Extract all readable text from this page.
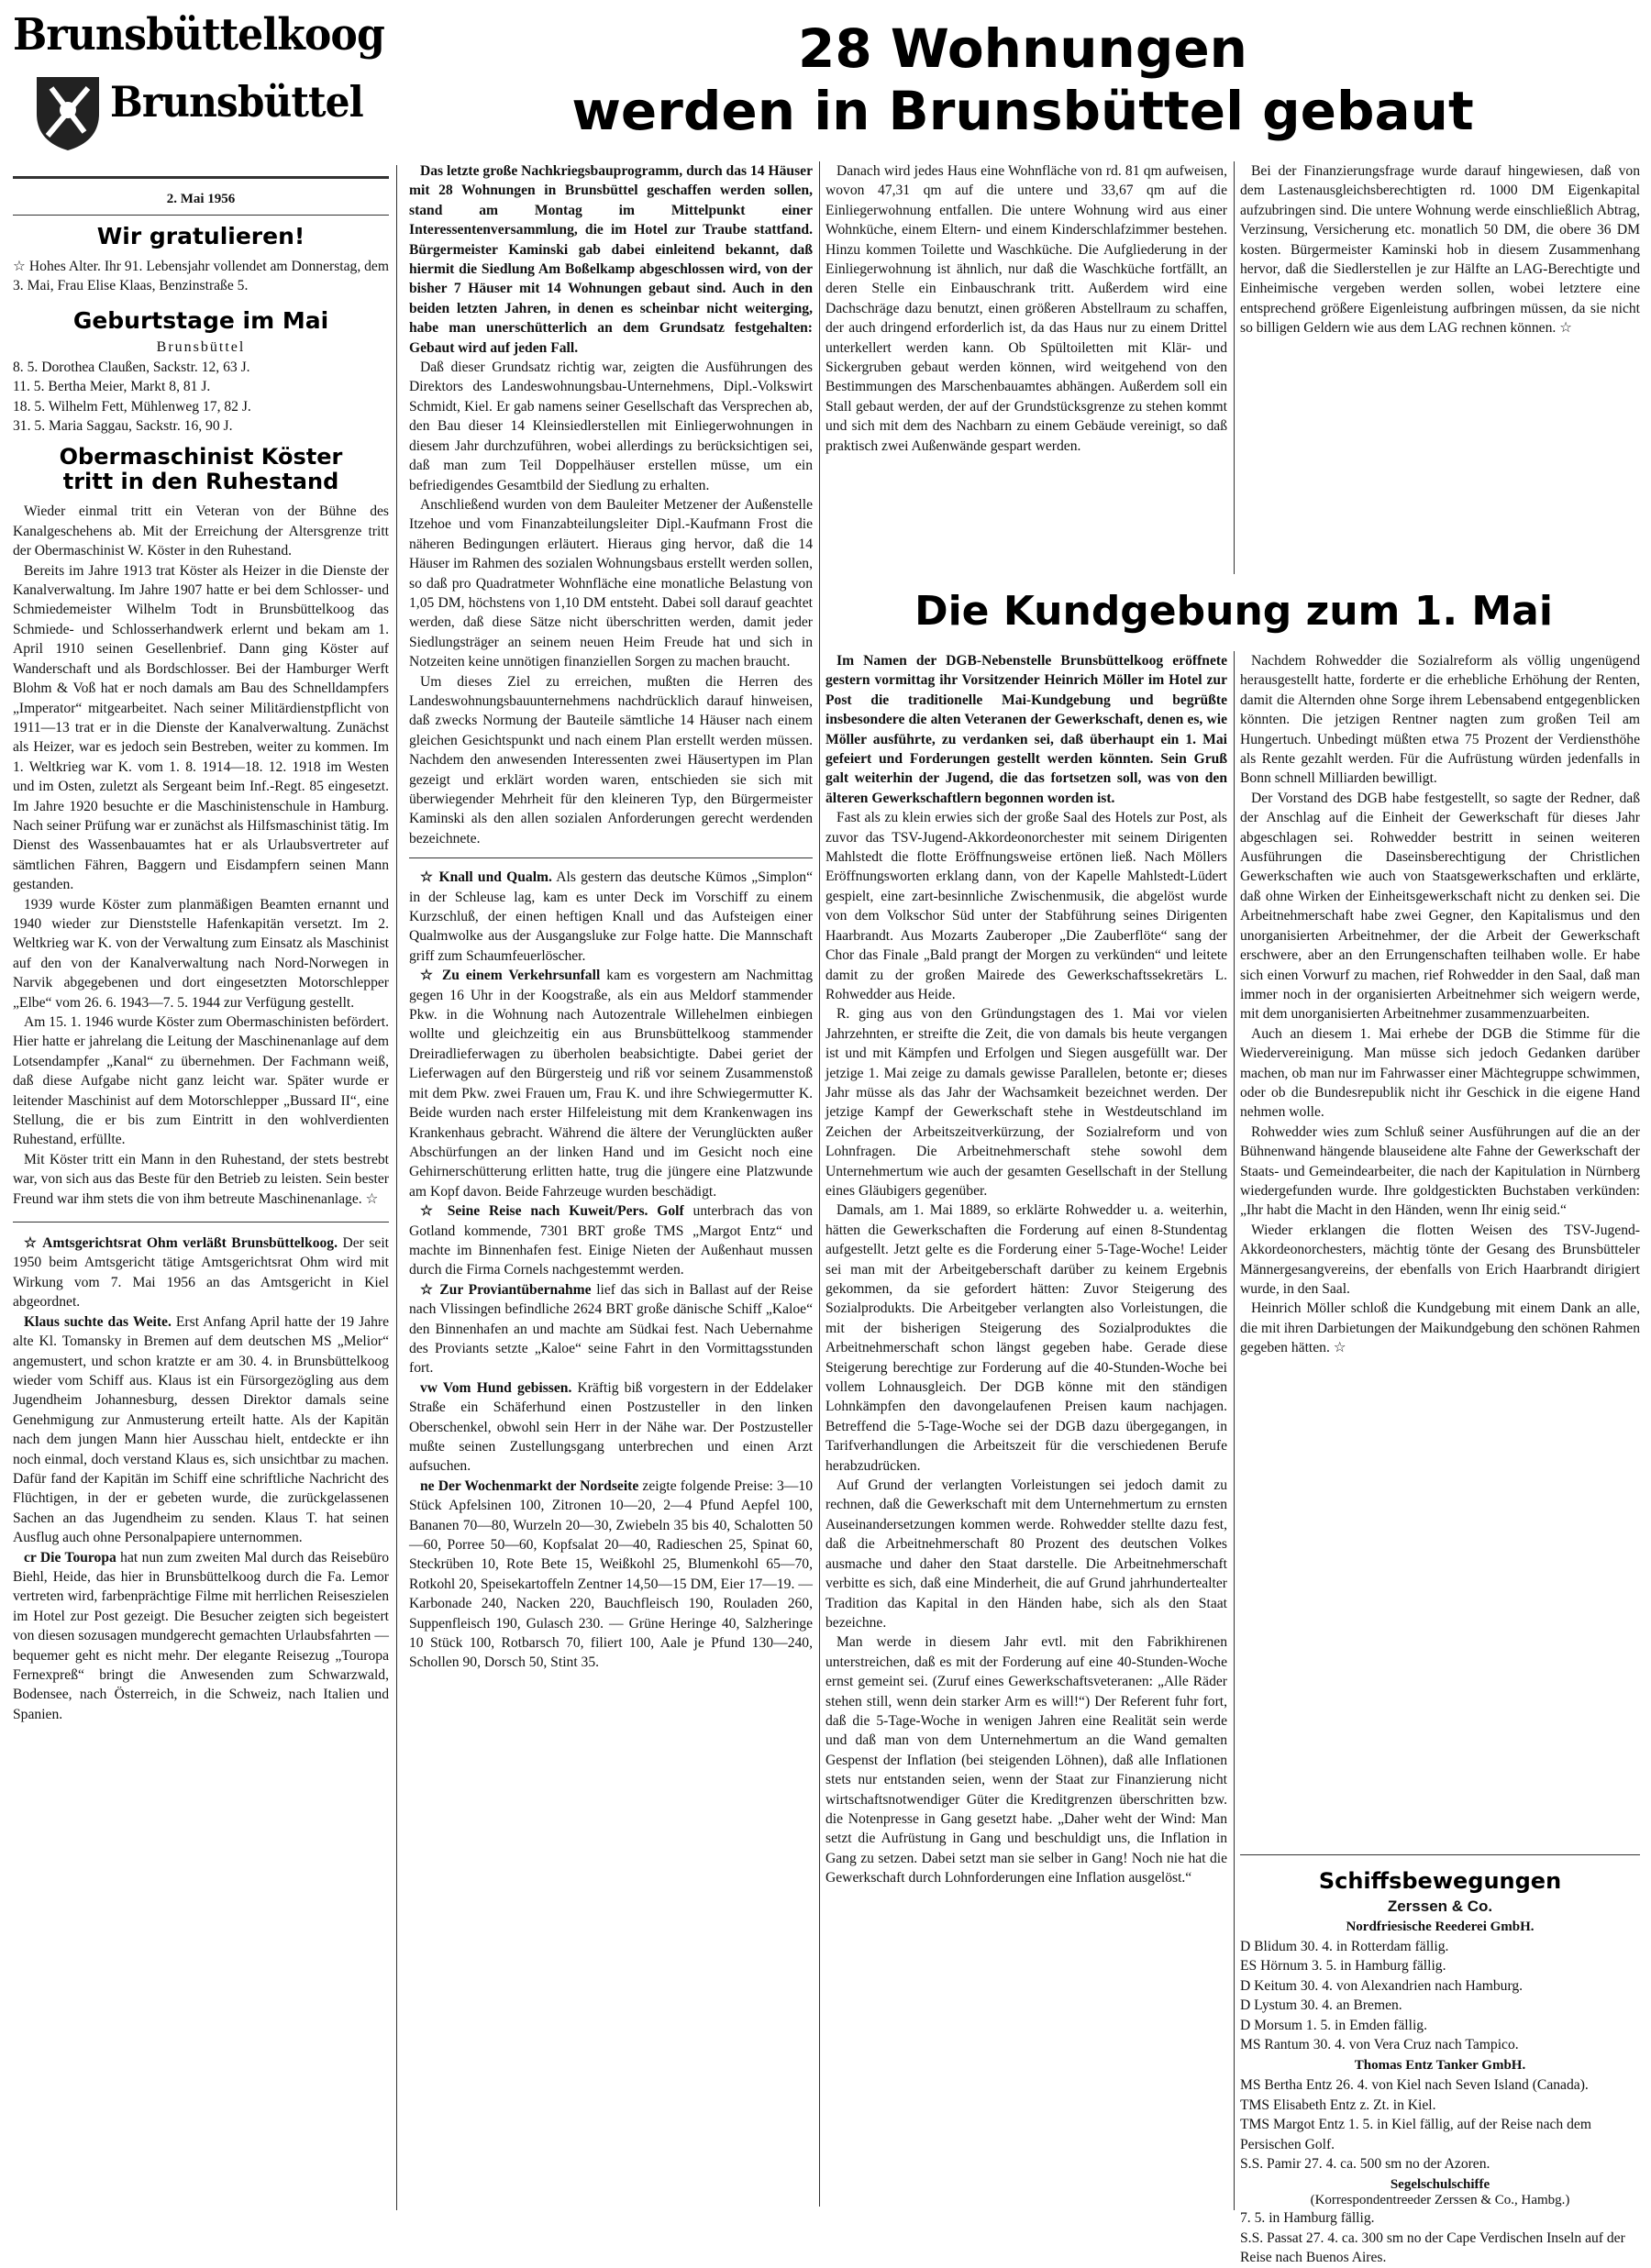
Brunsbüttelkoog
Brunsbüttel
2. Mai 1956
Wir gratulieren!
☆ Hohes Alter. Ihr 91. Lebensjahr vollendet am Donnerstag, dem 3. Mai, Frau Elise Klaas, Benzinstraße 5.
Geburtstage im Mai
Brunsbüttel
8. 5. Dorothea Claußen, Sackstr. 12, 63 J.
11. 5. Bertha Meier, Markt 8, 81 J.
18. 5. Wilhelm Fett, Mühlenweg 17, 82 J.
31. 5. Maria Saggau, Sackstr. 16, 90 J.
Obermaschinist Köster
tritt in den Ruhestand

Wieder einmal tritt ein Veteran von der Bühne des Kanalgeschehens ab. Mit der Erreichung der Altersgrenze tritt der Obermaschinist W. Köster in den Ruhestand.

Bereits im Jahre 1913 trat Köster als Heizer in die Dienste der Kanalverwaltung. Im Jahre 1907 hatte er bei dem Schlosser- und Schmiedemeister Wilhelm Todt in Brunsbüttelkoog das Schmiede- und Schlosserhandwerk erlernt und bekam am 1. April 1910 seinen Gesellenbrief. Dann ging Köster auf Wanderschaft und als Bordschlosser. Bei der Hamburger Werft Blohm & Voß hat er noch damals am Bau des Schnelldampfers „Imperator“ mitgearbeitet. Nach seiner Militärdienstpflicht von 1911—13 trat er in die Dienste der Kanalverwaltung. Zunächst als Heizer, war es jedoch sein Bestreben, weiter zu kommen. Im 1. Weltkrieg war K. vom 1. 8. 1914—18. 12. 1918 im Westen und im Osten, zuletzt als Sergeant beim Inf.-Regt. 85 eingesetzt. Im Jahre 1920 besuchte er die Maschinistenschule in Hamburg. Nach seiner Prüfung war er zunächst als Hilfsmaschinist tätig. Im Dienst des Wassenbauamtes hat er als Urlaubsvertreter auf sämtlichen Fähren, Baggern und Eisdampfern seinen Mann gestanden.

1939 wurde Köster zum planmäßigen Beamten ernannt und 1940 wieder zur Dienststelle Hafenkapitän versetzt. Im 2. Weltkrieg war K. von der Verwaltung zum Einsatz als Maschinist auf den von der Kanalverwaltung nach Nord-Norwegen in Narvik abgegebenen und dort eingesetzten Motorschlepper „Elbe“ vom 26. 6. 1943—7. 5. 1944 zur Verfügung gestellt.

Am 15. 1. 1946 wurde Köster zum Obermaschinisten befördert. Hier hatte er jahrelang die Leitung der Maschinenanlage auf dem Lotsendampfer „Kanal“ zu übernehmen. Der Fachmann weiß, daß diese Aufgabe nicht ganz leicht war. Später wurde er leitender Maschinist auf dem Motorschlepper „Bussard II“, eine Stellung, die er bis zum Eintritt in den wohlverdienten Ruhestand, erfüllte.

Mit Köster tritt ein Mann in den Ruhestand, der stets bestrebt war, von sich aus das Beste für den Betrieb zu leisten. Sein bester Freund war ihm stets die von ihm betreute Maschinenanlage. ☆

☆ Amtsgerichtsrat Ohm verläßt Brunsbüttelkoog. Der seit 1950 beim Amtsgericht tätige Amtsgerichtsrat Ohm wird mit Wirkung vom 7. Mai 1956 an das Amtsgericht in Kiel abgeordnet.

Klaus suchte das Weite. Erst Anfang April hatte der 19 Jahre alte Kl. Tomansky in Bremen auf dem deutschen MS „Melior“ angemustert, und schon kratzte er am 30. 4. in Brunsbüttelkoog wieder vom Schiff aus. Klaus ist ein Fürsorgezögling aus dem Jugendheim Johannesburg, dessen Direktor damals seine Genehmigung zur Anmusterung erteilt hatte. Als der Kapitän nach dem jungen Mann hier Ausschau hielt, entdeckte er ihn noch einmal, doch verstand Klaus es, sich unsichtbar zu machen. Dafür fand der Kapitän im Schiff eine schriftliche Nachricht des Flüchtigen, in der er gebeten wurde, die zurückgelassenen Sachen an das Jugendheim zu senden. Klaus T. hat seinen Ausflug auch ohne Personalpapiere unternommen.

cr Die Touropa hat nun zum zweiten Mal durch das Reisebüro Biehl, Heide, das hier in Brunsbüttelkoog durch die Fa. Lemor vertreten wird, farbenprächtige Filme mit herrlichen Reiseszielen im Hotel zur Post gezeigt. Die Besucher zeigten sich begeistert von diesen sozusagen mundgerecht gemachten Urlaubsfahrten — bequemer geht es nicht mehr. Der elegante Reisezug „Touropa Fernexpreß“ bringt die Anwesenden zum Schwarzwald, Bodensee, nach Österreich, in die Schweiz, nach Italien und Spanien.

28 Wohnungen
werden in Brunsbüttel gebaut

Das letzte große Nachkriegsbauprogramm, durch das 14 Häuser mit 28 Wohnungen in Brunsbüttel geschaffen werden sollen, stand am Montag im Mittelpunkt einer Interessentenversammlung, die im Hotel zur Traube stattfand. Bürgermeister Kaminski gab dabei einleitend bekannt, daß hiermit die Siedlung Am Boßelkamp abgeschlossen wird, von der bisher 7 Häuser mit 14 Wohnungen gebaut sind. Auch in den beiden letzten Jahren, in denen es scheinbar nicht weiterging, habe man unerschütterlich an dem Grundsatz festgehalten: Gebaut wird auf jeden Fall.

Daß dieser Grundsatz richtig war, zeigten die Ausführungen des Direktors des Landeswohnungsbau-Unternehmens, Dipl.-Volkswirt Schmidt, Kiel. Er gab namens seiner Gesellschaft das Versprechen ab, den Bau dieser 14 Kleinsiedlerstellen mit Einliegerwohnungen in diesem Jahr durchzuführen, wobei allerdings zu berücksichtigen sei, daß man zum Teil Doppelhäuser erstellen müsse, um ein befriedigendes Gesamtbild der Siedlung zu erhalten.

Anschließend wurden von dem Bauleiter Metzener der Außenstelle Itzehoe und vom Finanzabteilungsleiter Dipl.-Kaufmann Frost die näheren Bedingungen erläutert. Hieraus ging hervor, daß die 14 Häuser im Rahmen des sozialen Wohnungsbaus erstellt werden sollen, so daß pro Quadratmeter Wohnfläche eine monatliche Belastung von 1,05 DM, höchstens von 1,10 DM entsteht. Dabei soll darauf geachtet werden, daß diese Sätze nicht überschritten werden, damit jeder Siedlungsträger an seinem neuen Heim Freude hat und sich in Notzeiten keine unnötigen finanziellen Sorgen zu machen braucht.

Um dieses Ziel zu erreichen, mußten die Herren des Landeswohnungsbauunternehmens nachdrücklich darauf hinweisen, daß zwecks Normung der Bauteile sämtliche 14 Häuser nach einem gleichen Gesichtspunkt und nach einem Plan erstellt werden müssen. Nachdem den anwesenden Interessenten zwei Häusertypen im Plan gezeigt und erklärt worden waren, entschieden sie sich mit überwiegender Mehrheit für den kleineren Typ, den Bürgermeister Kaminski als den allen sozialen Anforderungen gerecht werdenden bezeichnete.

☆ Knall und Qualm. Als gestern das deutsche Kümos „Simplon“ in der Schleuse lag, kam es unter Deck im Vorschiff zu einem Kurzschluß, der einen heftigen Knall und das Aufsteigen einer Qualmwolke aus der Ausgangsluke zur Folge hatte. Die Mannschaft griff zum Schaumfeuerlöscher.

☆ Zu einem Verkehrsunfall kam es vorgestern am Nachmittag gegen 16 Uhr in der Koogstraße, als ein aus Meldorf stammender Pkw. in die Wohnung nach Autozentrale Willehelmen einbiegen wollte und gleichzeitig ein aus Brunsbüttelkoog stammender Dreiradlieferwagen zu überholen beabsichtigte. Dabei geriet der Lieferwagen auf den Bürgersteig und riß vor seinem Zusammenstoß mit dem Pkw. zwei Frauen um, Frau K. und ihre Schwiegermutter K. Beide wurden nach erster Hilfeleistung mit dem Krankenwagen ins Krankenhaus gebracht. Während die ältere der Verunglückten außer Abschürfungen an der linken Hand und im Gesicht noch eine Gehirnerschütterung erlitten hatte, trug die jüngere eine Platzwunde am Kopf davon. Beide Fahrzeuge wurden beschädigt.

☆ Seine Reise nach Kuweit/Pers. Golf unterbrach das von Gotland kommende, 7301 BRT große TMS „Margot Entz“ und machte im Binnenhafen fest. Einige Nieten der Außenhaut mussen durch die Firma Cornels nachgestemmt werden.

☆ Zur Proviantübernahme lief das sich in Ballast auf der Reise nach Vlissingen befindliche 2624 BRT große dänische Schiff „Kaloe“ den Binnenhafen an und machte am Südkai fest. Nach Uebernahme des Proviants setzte „Kaloe“ seine Fahrt in den Vormittagsstunden fort.

vw Vom Hund gebissen. Kräftig biß vorgestern in der Eddelaker Straße ein Schäferhund einen Postzusteller in den linken Oberschenkel, obwohl sein Herr in der Nähe war. Der Postzusteller mußte seinen Zustellungsgang unterbrechen und einen Arzt aufsuchen.

ne Der Wochenmarkt der Nordseite zeigte folgende Preise: 3—10 Stück Apfelsinen 100, Zitronen 10—20, 2—4 Pfund Aepfel 100, Bananen 70—80, Wurzeln 20—30, Zwiebeln 35 bis 40, Schalotten 50—60, Porree 50—60, Kopfsalat 20—40, Radieschen 25, Spinat 60, Steckrüben 10, Rote Bete 15, Weißkohl 25, Blumenkohl 65—70, Rotkohl 20, Speisekartoffeln Zentner 14,50—15 DM, Eier 17—19. — Karbonade 240, Nacken 220, Bauchfleisch 190, Rouladen 260, Suppenfleisch 190, Gulasch 230. — Grüne Heringe 40, Salzheringe 10 Stück 100, Rotbarsch 70, filiert 100, Aale je Pfund 130—240, Schollen 90, Dorsch 50, Stint 35.

Danach wird jedes Haus eine Wohnfläche von rd. 81 qm aufweisen, wovon 47,31 qm auf die untere und 33,67 qm auf die Einliegerwohnung entfallen. Die untere Wohnung wird aus einer Wohnküche, einem Eltern- und einem Kinderschlafzimmer bestehen. Hinzu kommen Toilette und Waschküche. Die Aufgliederung in der Einliegerwohnung ist ähnlich, nur daß die Waschküche fortfällt, an deren Stelle ein Einbauschrank tritt. Außerdem wird eine Dachschräge dazu benutzt, einen größeren Abstellraum zu schaffen, der auch dringend erforderlich ist, da das Haus nur zu einem Drittel unterkellert werden kann. Ob Spültoiletten mit Klär- und Sickergruben gebaut werden können, wird weitgehend von den Bestimmungen des Marschenbauamtes abhängen. Außerdem soll ein Stall gebaut werden, der auf der Grundstücksgrenze zu stehen kommt und sich mit dem des Nachbarn zu einem Gebäude vereinigt, so daß praktisch zwei Außenwände gespart werden.

Bei der Finanzierungsfrage wurde darauf hingewiesen, daß von dem Lastenausgleichsberechtigten rd. 1000 DM Eigenkapital aufzubringen sind. Die untere Wohnung werde einschließlich Abtrag, Verzinsung, Versicherung etc. monatlich 50 DM, die obere 36 DM kosten. Bürgermeister Kaminski hob in diesem Zusammenhang hervor, daß die Siedlerstellen je zur Hälfte an LAG-Berechtigte und Einheimische vergeben werden sollen, wobei letztere eine entsprechend größere Eigenleistung aufbringen müssen, da sie nicht so billigen Geldern wie aus dem LAG rechnen können. ☆

Die Kundgebung zum 1. Mai

Im Namen der DGB-Nebenstelle Brunsbüttelkoog eröffnete gestern vormittag ihr Vorsitzender Heinrich Möller im Hotel zur Post die traditionelle Mai-Kundgebung und begrüßte insbesondere die alten Veteranen der Gewerkschaft, denen es, wie Möller ausführte, zu verdanken sei, daß überhaupt ein 1. Mai gefeiert und Forderungen gestellt werden könnten. Sein Gruß galt weiterhin der Jugend, die das fortsetzen soll, was von den älteren Gewerkschaftlern begonnen worden ist.

Fast als zu klein erwies sich der große Saal des Hotels zur Post, als zuvor das TSV-Jugend-Akkordeonorchester mit seinem Dirigenten Mahlstedt die flotte Eröffnungsweise ertönen ließ. Nach Möllers Eröffnungsworten erklang dann, von der Kapelle Mahlstedt-Lüdert gespielt, eine zart-besinnliche Zwischenmusik, die abgelöst wurde von dem Volkschor Süd unter der Stabführung seines Dirigenten Haarbrandt. Aus Mozarts Zauberoper „Die Zauberflöte“ sang der Chor das Finale „Bald prangt der Morgen zu verkünden“ und leitete damit zu der großen Mairede des Gewerkschaftssekretärs L. Rohwedder aus Heide.

R. ging aus von den Gründungstagen des 1. Mai vor vielen Jahrzehnten, er streifte die Zeit, die von damals bis heute vergangen ist und mit Kämpfen und Erfolgen und Siegen ausgefüllt war. Der jetzige 1. Mai zeige zu damals gewisse Parallelen, betonte er; dieses Jahr müsse als das Jahr der Wachsamkeit bezeichnet werden. Der jetzige Kampf der Gewerkschaft stehe in Westdeutschland im Zeichen der Arbeitszeitverkürzung, der Sozialreform und von Lohnfragen. Die Arbeitnehmerschaft stehe sowohl dem Unternehmertum wie auch der gesamten Gesellschaft in der Stellung eines Gläubigers gegenüber.

Damals, am 1. Mai 1889, so erklärte Rohwedder u. a. weiterhin, hätten die Gewerkschaften die Forderung auf einen 8-Stundentag aufgestellt. Jetzt gelte es die Forderung einer 5-Tage-Woche! Leider sei man mit der Arbeitgeberschaft darüber zu keinem Ergebnis gekommen, da sie gefordert hätten: Zuvor Steigerung des Sozialprodukts. Die Arbeitgeber verlangten also Vorleistungen, die mit der bisherigen Steigerung des Sozialproduktes die Arbeitnehmerschaft schon längst gegeben habe. Gerade diese Steigerung berechtige zur Forderung auf die 40-Stunden-Woche bei vollem Lohnausgleich. Der DGB könne mit den ständigen Lohnkämpfen den davongelaufenen Preisen kaum nachjagen. Betreffend die 5-Tage-Woche sei der DGB dazu übergegangen, in Tarifverhandlungen die Arbeitszeit für die verschiedenen Berufe herabzudrücken.

Auf Grund der verlangten Vorleistungen sei jedoch damit zu rechnen, daß die Gewerkschaft mit dem Unternehmertum zu ernsten Auseinandersetzungen kommen werde. Rohwedder stellte dazu fest, daß die Arbeitnehmerschaft 80 Prozent des deutschen Volkes ausmache und daher den Staat darstelle. Die Arbeitnehmerschaft verbitte es sich, daß eine Minderheit, die auf Grund jahrhundertealter Tradition das Kapital in den Händen habe, sich als den Staat bezeichne.

Man werde in diesem Jahr evtl. mit den Fabrikhirenen unterstreichen, daß es mit der Forderung auf eine 40-Stunden-Woche ernst gemeint sei. (Zuruf eines Gewerkschaftsveteranen: „Alle Räder stehen still, wenn dein starker Arm es will!“) Der Referent fuhr fort, daß die 5-Tage-Woche in wenigen Jahren eine Realität sein werde und daß man von dem Unternehmertum an die Wand gemalten Gespenst der Inflation (bei steigenden Löhnen), daß alle Inflationen stets nur entstanden seien, wenn der Staat zur Finanzierung nicht wirtschaftsnotwendiger Güter die Kreditgrenzen überschritten bzw. die Notenpresse in Gang gesetzt habe. „Daher weht der Wind: Man setzt die Aufrüstung in Gang und beschuldigt uns, die Inflation in Gang zu setzen. Dabei setzt man sie selber in Gang! Noch nie hat die Gewerkschaft durch Lohnforderungen eine Inflation ausgelöst.“

Nachdem Rohwedder die Sozialreform als völlig ungenügend herausgestellt hatte, forderte er die erhebliche Erhöhung der Renten, damit die Alternden ohne Sorge ihrem Lebensabend entgegenblicken könnten. Die jetzigen Rentner nagten zum großen Teil am Hungertuch. Unbedingt müßten etwa 75 Prozent der Verdiensthöhe als Rente gezahlt werden. Für die Aufrüstung würden jedenfalls in Bonn schnell Milliarden bewilligt.

Der Vorstand des DGB habe festgestellt, so sagte der Redner, daß der Anschlag auf die Einheit der Gewerkschaft für dieses Jahr abgeschlagen sei. Rohwedder bestritt in seinen weiteren Ausführungen die Daseinsberechtigung der Christlichen Gewerkschaften wie auch von Staatsgewerkschaften und erklärte, daß ohne Wirken der Einheitsgewerkschaft nicht zu denken sei. Die Arbeitnehmerschaft habe zwei Gegner, den Kapitalismus und den unorganisierten Arbeitnehmer, der die Arbeit der Gewerkschaft erschwere, aber an den Errungenschaften teilhaben wolle. Er habe sich einen Vorwurf zu machen, rief Rohwedder in den Saal, daß man immer noch in der organisierten Arbeitnehmer sich weigern werde, mit dem unorganisierten Arbeitnehmer zusammenzuarbeiten.

Auch an diesem 1. Mai erhebe der DGB die Stimme für die Wiedervereinigung. Man müsse sich jedoch Gedanken darüber machen, ob man nur im Fahrwasser einer Mächtegruppe schwimmen, oder ob die Bundesrepublik nicht ihr Geschick in die eigene Hand nehmen wolle.

Rohwedder wies zum Schluß seiner Ausführungen auf die an der Bühnenwand hängende blauseidene alte Fahne der Gewerkschaft der Staats- und Gemeindearbeiter, die nach der Kapitulation in Nürnberg wiedergefunden wurde. Ihre goldgestickten Buchstaben verkünden: „Ihr habt die Macht in den Händen, wenn Ihr einig seid.“

Wieder erklangen die flotten Weisen des TSV-Jugend-Akkordeonorchesters, mächtig tönte der Gesang des Brunsbütteler Männergesangvereins, der ebenfalls von Erich Haarbrandt dirigiert wurde, in den Saal.

Heinrich Möller schloß die Kundgebung mit einem Dank an alle, die mit ihren Darbietungen der Maikundgebung den schönen Rahmen gegeben hätten. ☆

Schiffsbewegungen
Zerssen & Co.
Nordfriesische Reederei GmbH.
D Blidum 30. 4. in Rotterdam fällig.
ES Hörnum 3. 5. in Hamburg fällig.
D Keitum 30. 4. von Alexandrien nach Hamburg.
D Lystum 30. 4. an Bremen.
D Morsum 1. 5. in Emden fällig.
MS Rantum 30. 4. von Vera Cruz nach Tampico.
Thomas Entz Tanker GmbH.
MS Bertha Entz 26. 4. von Kiel nach Seven Island (Canada).
TMS Elisabeth Entz z. Zt. in Kiel.
TMS Margot Entz 1. 5. in Kiel fällig, auf der Reise nach dem Persischen Golf.
S.S. Pamir 27. 4. ca. 500 sm no der Azoren.
Segelschulschiffe
(Korrespondentreeder Zerssen & Co., Hambg.)
7. 5. in Hamburg fällig.
S.S. Passat 27. 4. ca. 300 sm no der Cape Verdischen Inseln auf der Reise nach Buenos Aires.
